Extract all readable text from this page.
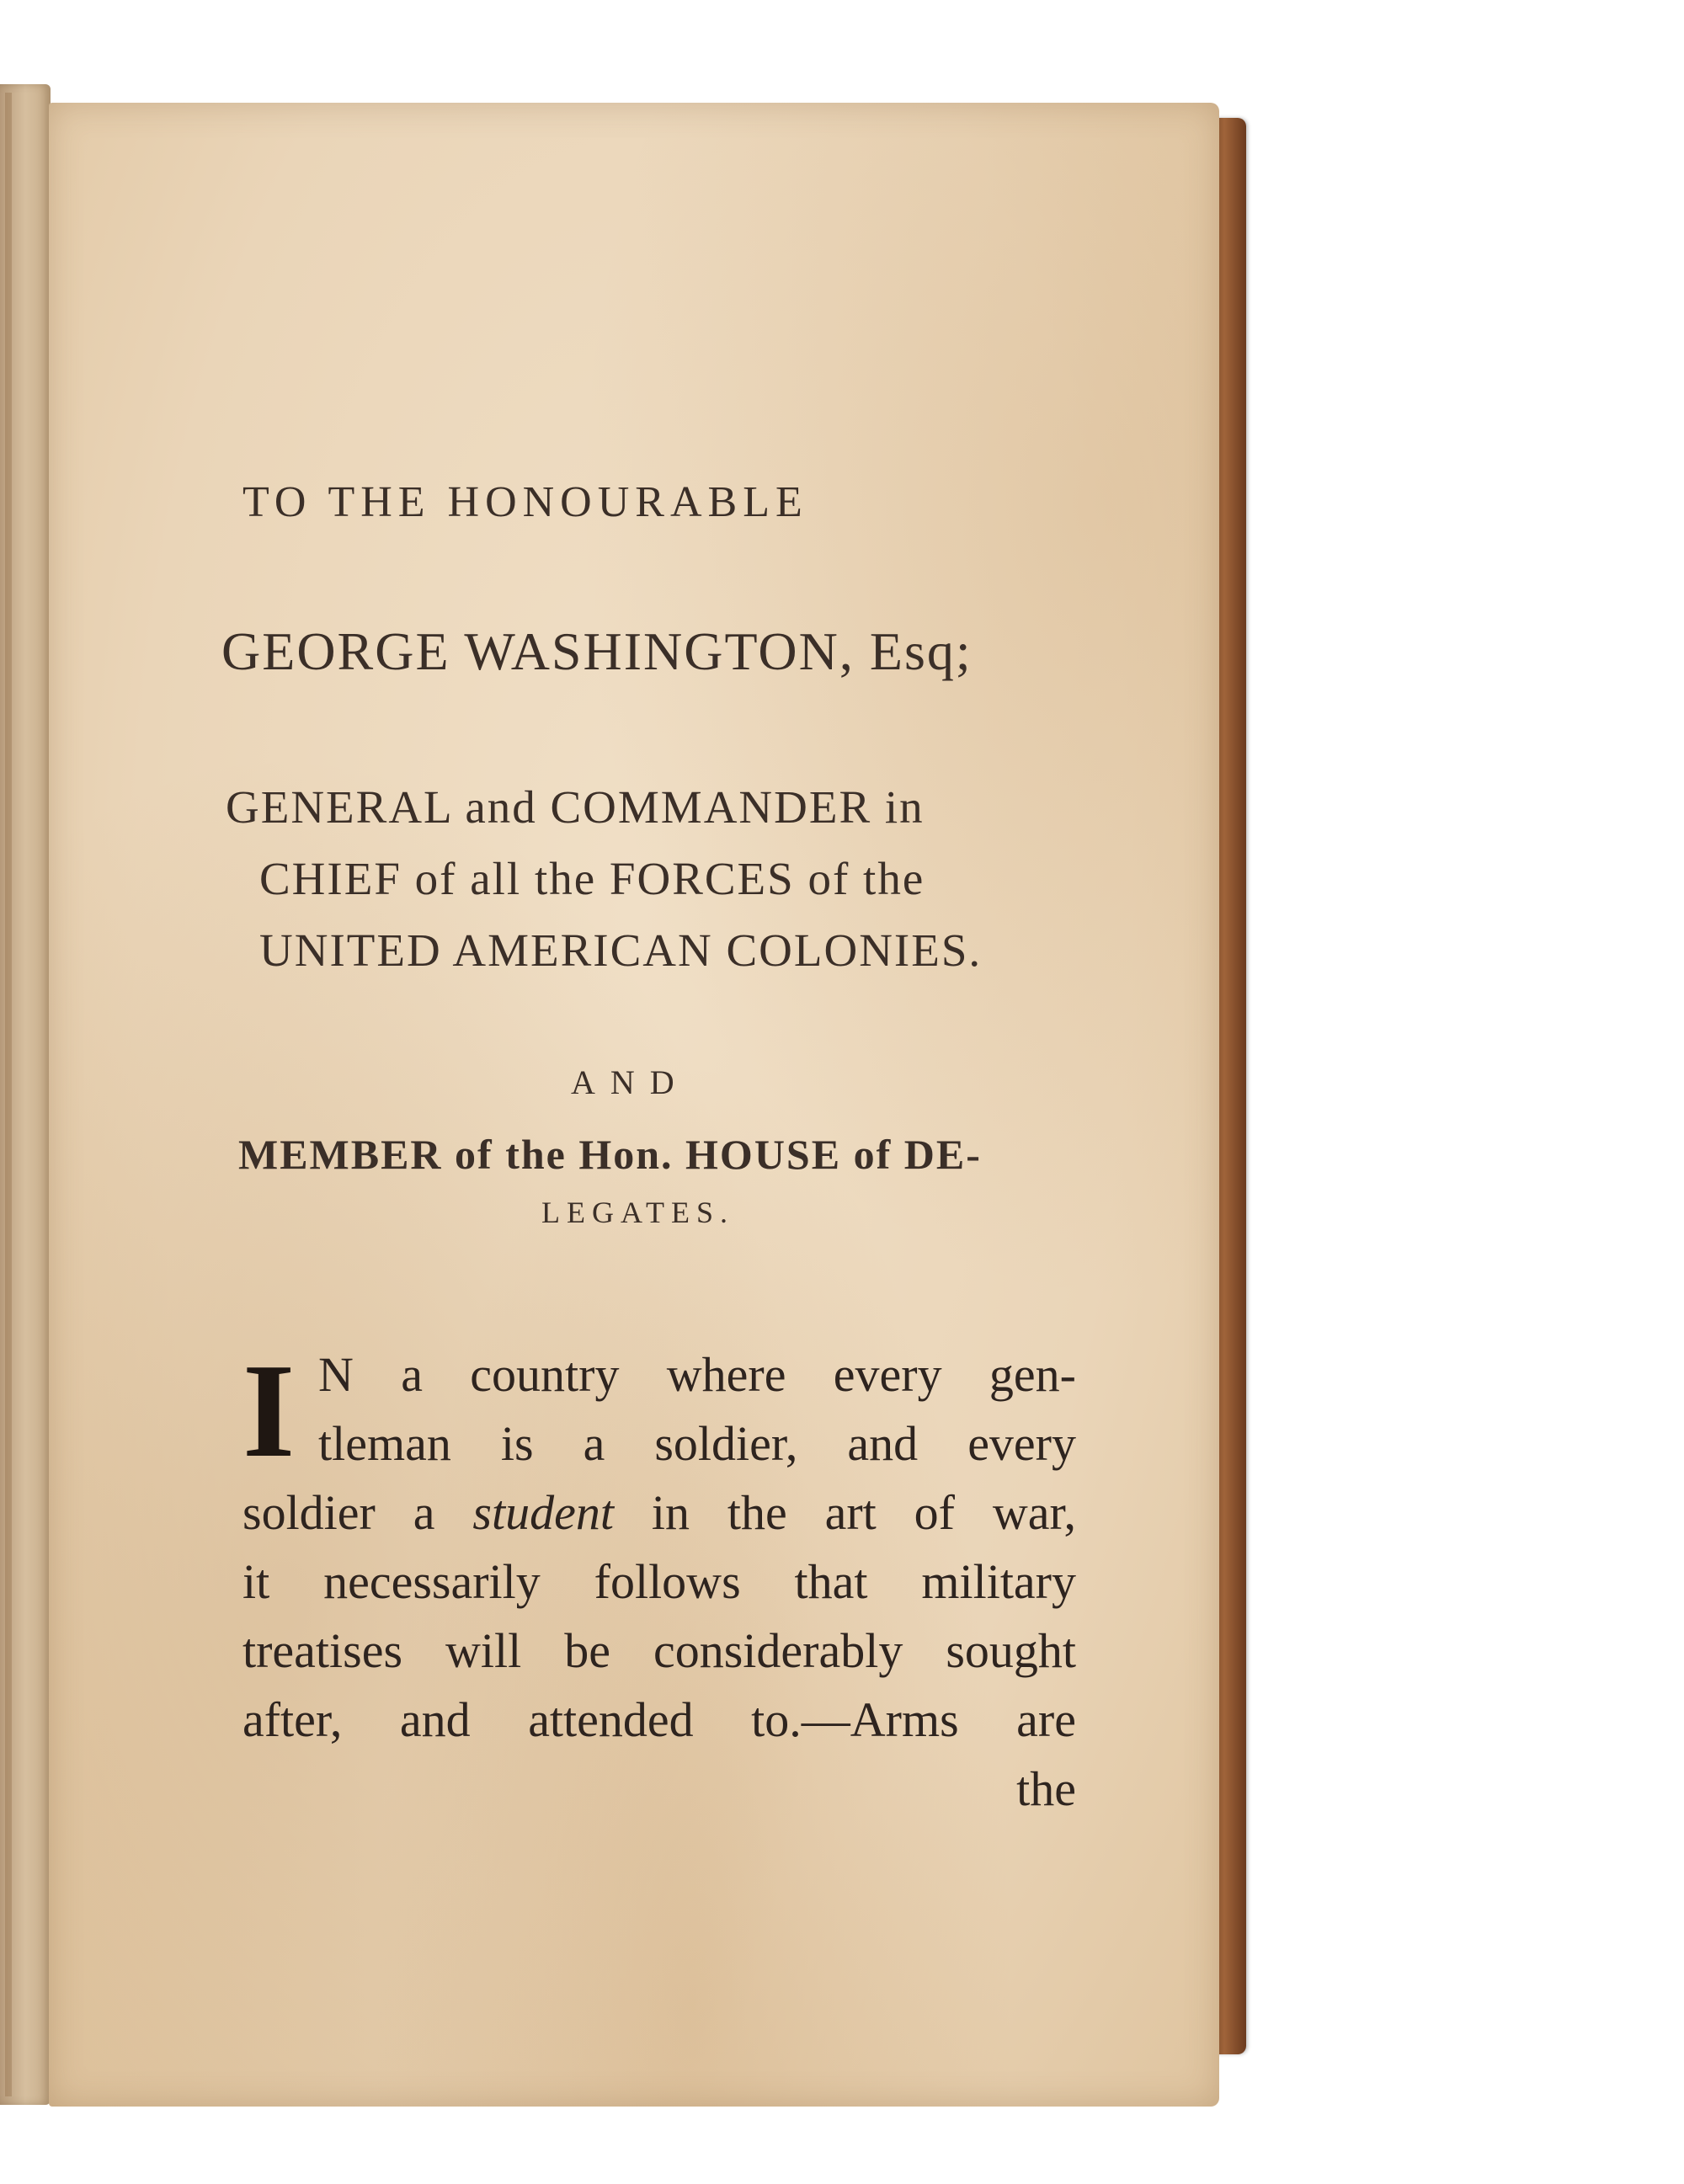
TO THE HONOURABLE

GEORGE WASHINGTON, Esq;

GENERAL and COMMANDER in

CHIEF of all the FORCES of the

UNITED AMERICAN COLONIES.

AND

MEMBER of the Hon. HOUSE of DE-

LEGATES.

I N a country where every gen-
tleman is a soldier, and every
soldier a student in the art of war,
it necessarily follows that military
treatises will be considerably sought
after, and attended to.—Arms are
the
